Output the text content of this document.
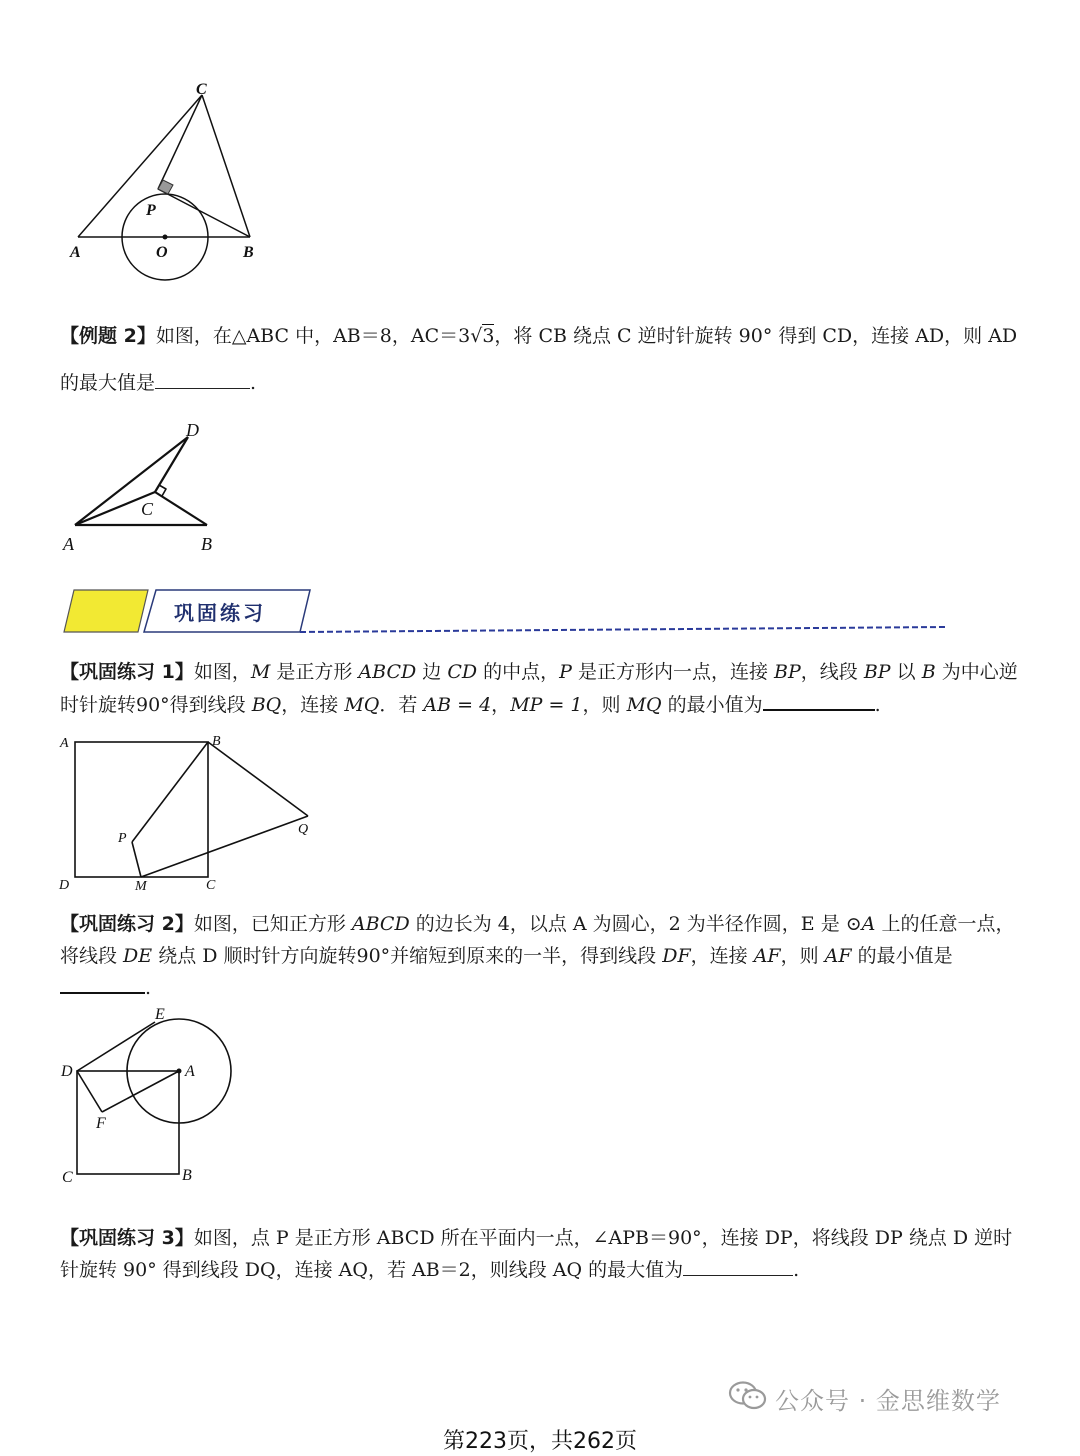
C
P
A	O	B
【例题 2】如图，在△ABC 中，AB＝8，AC＝3√3，将 CB 绕点 C 逆时针旋转 90° 得到 CD，连接 AD，则 AD
的最大值是	.
D
C
A	B
巩固练习
【巩固练习 1】如图，M 是正方形 ABCD 边 CD 的中点，P 是正方形内一点，连接 BP，线段 BP 以 B 为中心逆时针旋转90°得到线段 BQ，连接 MQ．若 AB = 4，MP = 1，则 MQ 的最小值为	.
A	B
P
Q
D	M	C
【巩固练习 2】如图，已知正方形 ABCD 的边长为 4，以点 A 为圆心，2 为半径作圆，E 是 ⊙A 上的任意一点，将线段 DE 绕点 D 顺时针方向旋转90°并缩短到原来的一半，得到线段 DF，连接 AF，则 AF 的最小值是.
E
D	A
F
C	B
【巩固练习 3】如图，点 P 是正方形 ABCD 所在平面内一点，∠APB＝90°，连接 DP，将线段 DP 绕点 D 逆时针旋转 90° 得到线段 DQ，连接 AQ，若 AB＝2，则线段 AQ 的最大值为	.
公众号 · 金思维数学
第223页，共262页
